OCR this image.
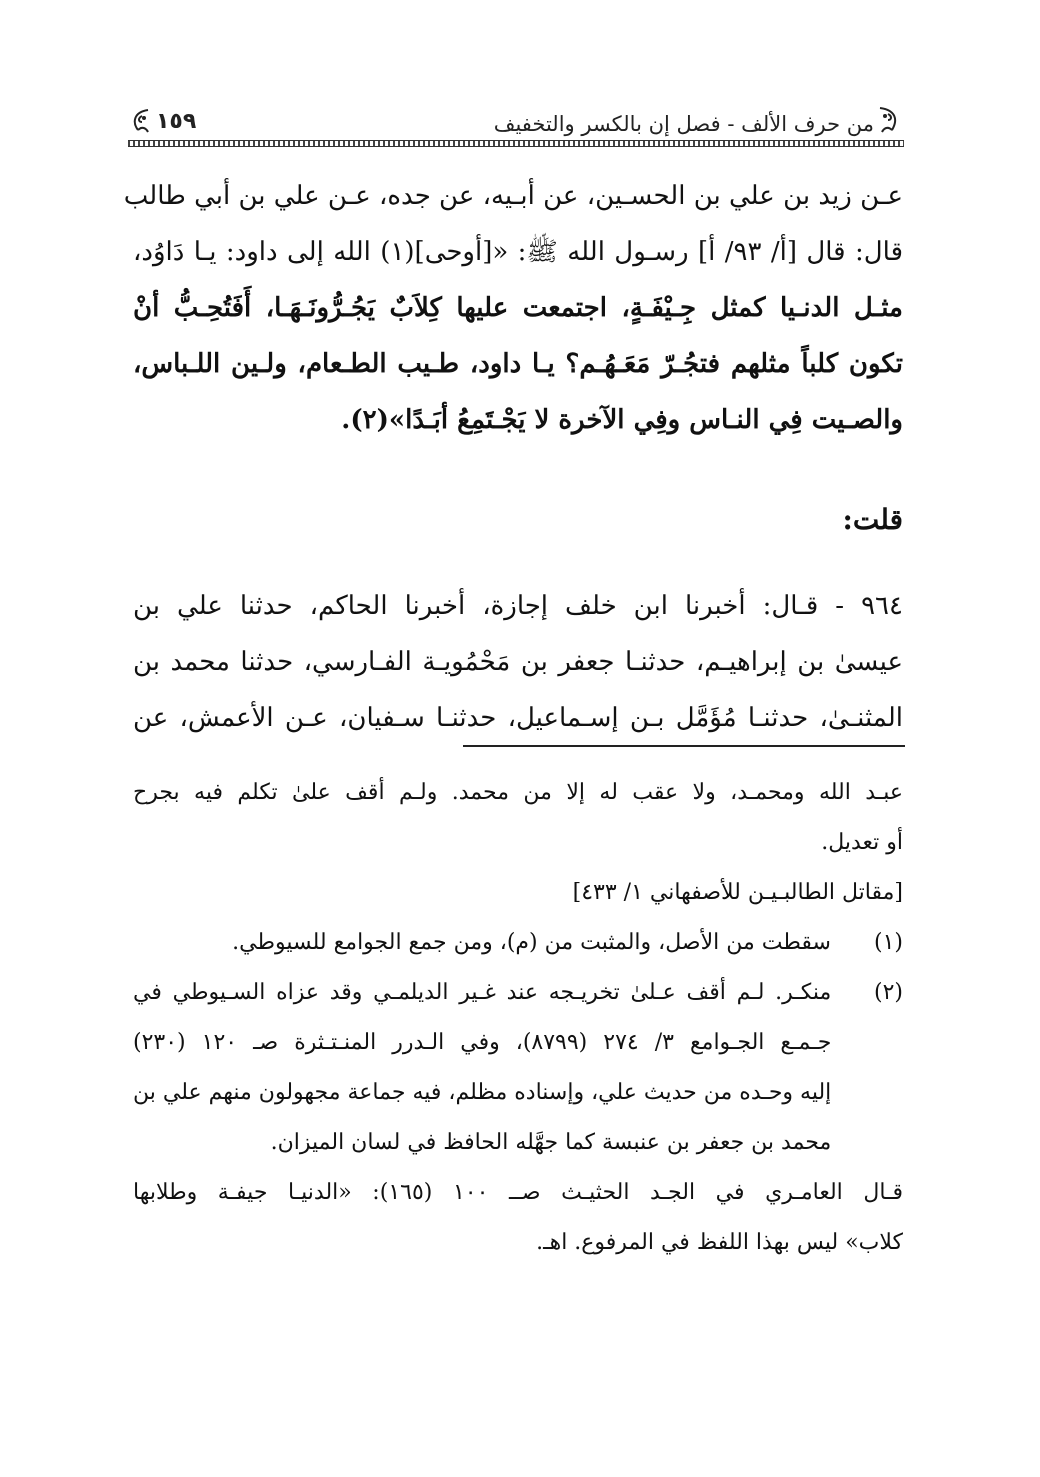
من حرف الألف - فصل إن بالكسر والتخفيف
١٥٩

عـن زيد بن علي بن الحسـين، عن أبـيه، عن جده، عـن علي بن أبي طالب

قال: قال [أ/ ٩٣/ أ] رسـول الله ﷺ: «[أوحى](١) الله إلى داود: يـا دَاوُد،

مثـل الدنـيا كمثل جِـيْفَـةٍ، اجتمعت عليها كِلاَبٌ يَجُـرُّونَـهَـا، أَفَتُحِـبُّ أنْ

تكون كلباً مثلهم فتجُـرّ مَعَـهُـم؟ يـا داود، طـيب الطـعام، ولـين اللـباس،

والصـيت فِي النـاس وفِي الآخرة لا يَجْـتَمِعُ أبَـدًا»(٢).

قلت:

٩٦٤ - قـال: أخبرنا ابن خلف إجازة، أخبرنا الحاكم، حدثنا علي بن

عيسىٰ بن إبراهيـم، حدثنـا جعفر بن مَحْمُويـة الفـارسي، حدثنا محمد بن

المثنـىٰ، حدثنـا مُؤَمَّل بـن إسـماعيل، حدثنـا سـفيان، عـن الأعمش، عن

عبـد الله ومحمـد، ولا عقب له إلا من محمد. ولـم أقف علىٰ تكلم فيه بجرح

أو تعديل.

[مقاتل الطالبـيـن للأصفهاني ١/ ٤٣٣]

(١)

سقطت من الأصل، والمثبت من (م)، ومن جمع الجوامع للسيوطي.

(٢)

منكـر. لـم أقف عـلىٰ تخريـجه عند غـير الديلمـي وقد عزاه السـيوطي في

جـمـع الجـوامع ٣/ ٢٧٤ (٨٧٩٩)، وفي الـدرر المنـتـثرة صـ ١٢٠ (٢٣٠)

إليه وحـده من حديث علي، وإسناده مظلم، فيه جماعة مجهولون منهم علي بن

محمد بن جعفر بن عنبسة كما جهَّله الحافظ في لسان الميزان.

قـال العامـري في الجـد الحثيـث صــ ١٠٠ (١٦٥): «الدنيـا جيفـة وطلابها

كلاب» ليس بهذا اللفظ في المرفوع. اهـ.
